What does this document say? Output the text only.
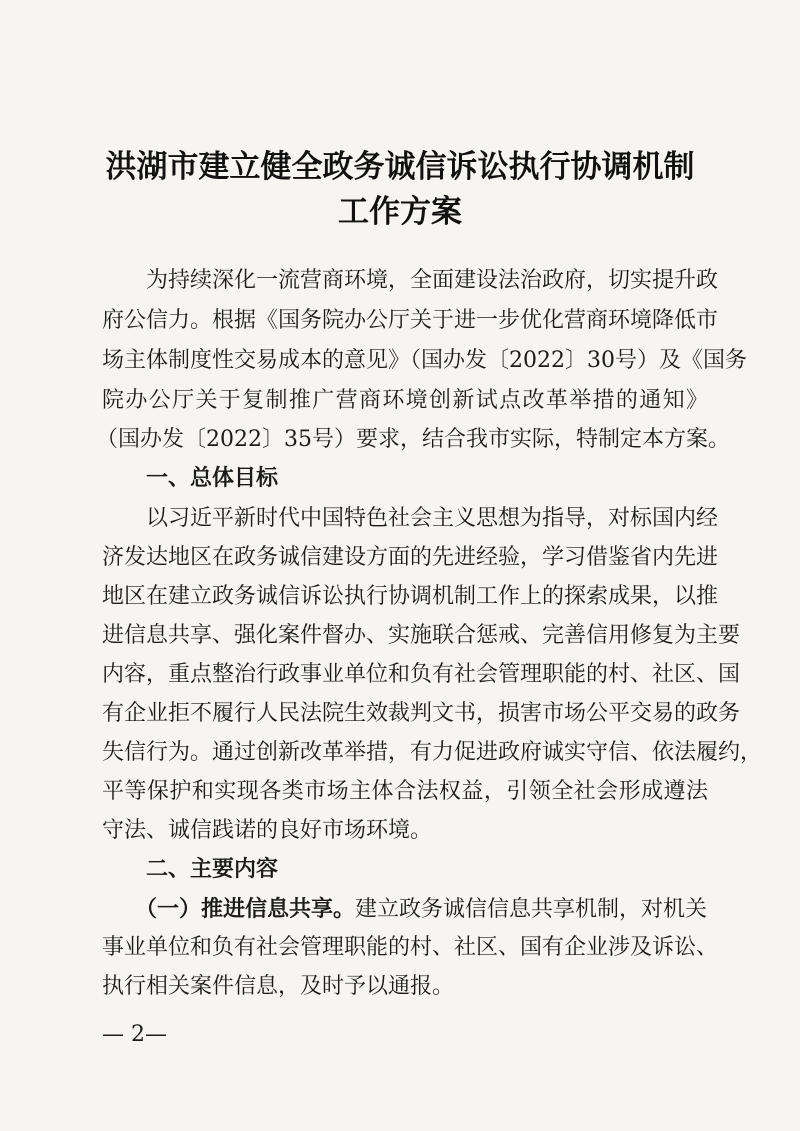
洪湖市建立健全政务诚信诉讼执行协调机制
工作方案
　　为持续深化一流营商环境，全面建设法治政府，切实提升政
府公信力。根据《国务院办公厅关于进一步优化营商环境降低市
场主体制度性交易成本的意见》（国办发〔2022〕30号）及《国务
院办公厅关于复制推广营商环境创新试点改革举措的通知》
（国办发〔2022〕35号）要求，结合我市实际，特制定本方案。
　　一、总体目标
　　以习近平新时代中国特色社会主义思想为指导，对标国内经
济发达地区在政务诚信建设方面的先进经验，学习借鉴省内先进
地区在建立政务诚信诉讼执行协调机制工作上的探索成果，以推
进信息共享、强化案件督办、实施联合惩戒、完善信用修复为主要
内容，重点整治行政事业单位和负有社会管理职能的村、社区、国
有企业拒不履行人民法院生效裁判文书，损害市场公平交易的政务
失信行为。通过创新改革举措，有力促进政府诚实守信、依法履约，
平等保护和实现各类市场主体合法权益，引领全社会形成遵法
守法、诚信践诺的良好市场环境。
　　二、主要内容
　　（一）推进信息共享。建立政务诚信信息共享机制，对机关
事业单位和负有社会管理职能的村、社区、国有企业涉及诉讼、
执行相关案件信息，及时予以通报。
— 2—
